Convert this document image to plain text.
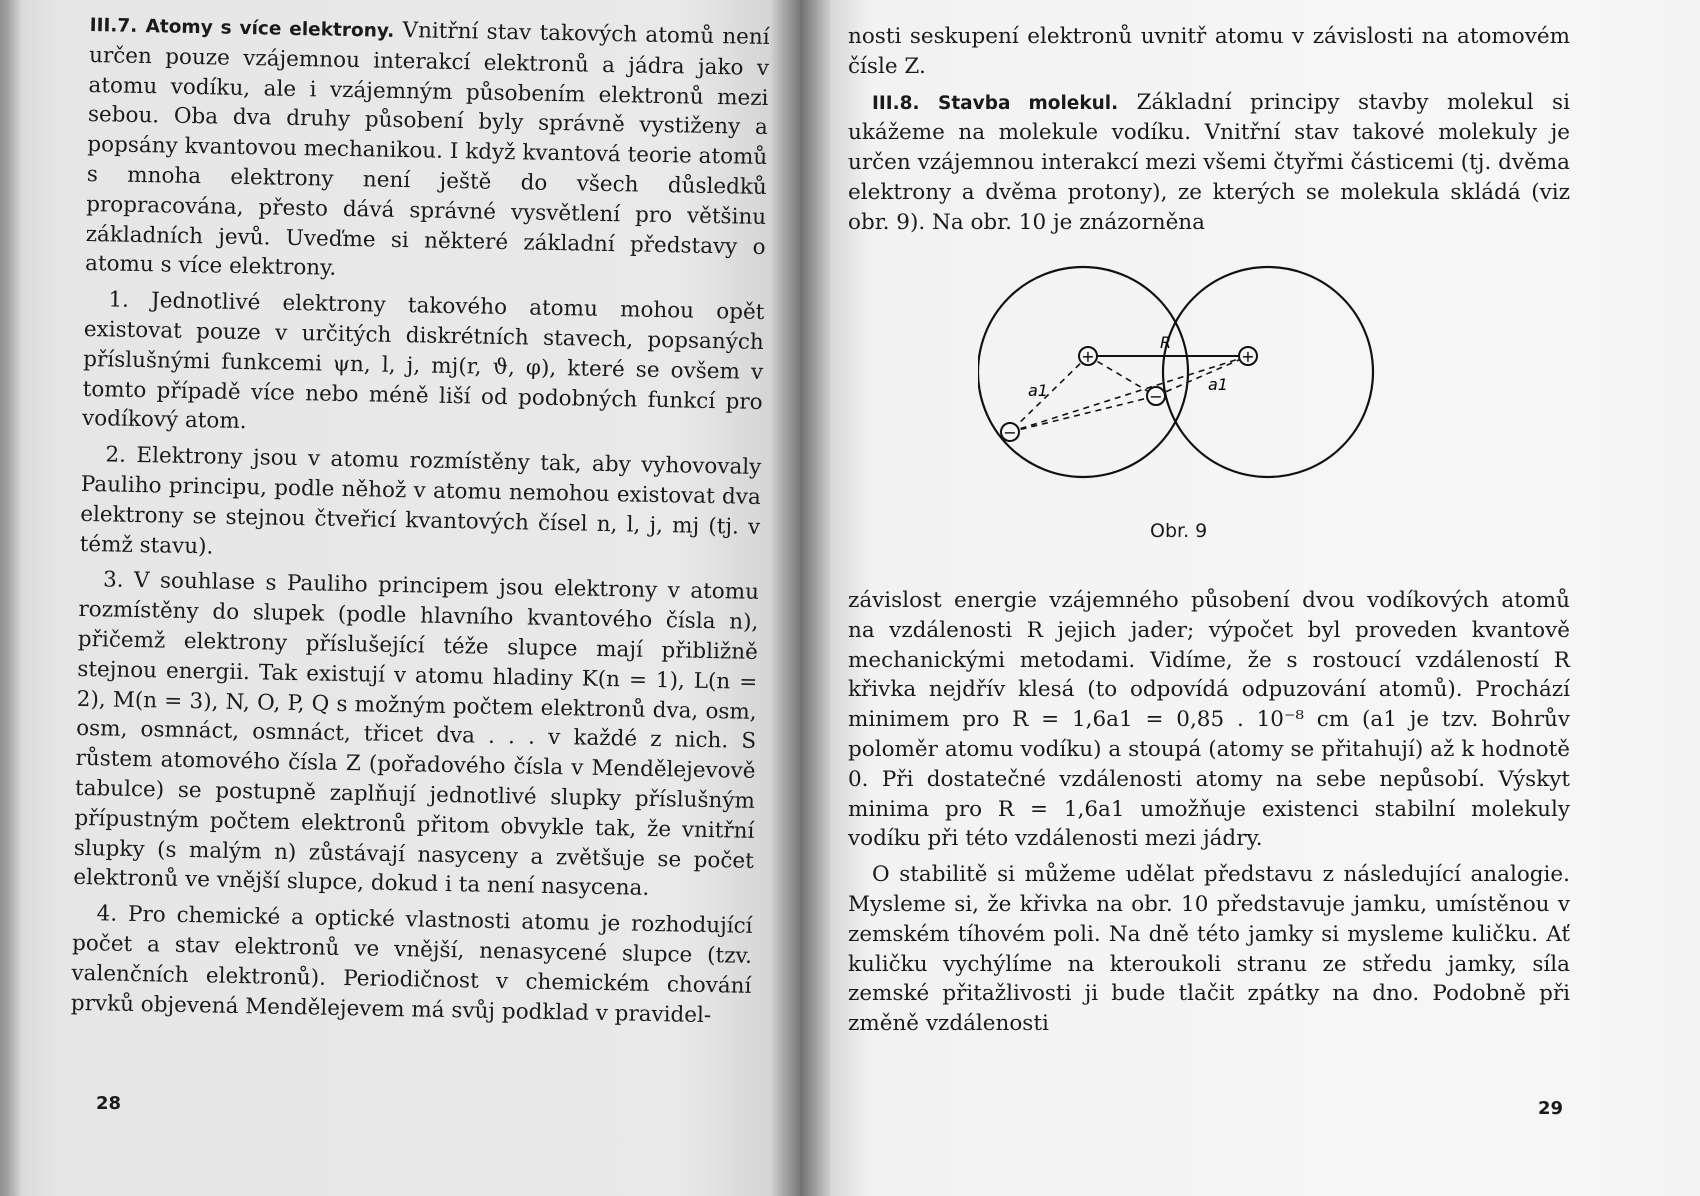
III.7. Atomy s více elektrony. Vnitřní stav takových atomů není určen pouze vzájemnou interakcí elektronů a jádra jako v atomu vodíku, ale i vzájemným působením elektronů mezi sebou. Oba dva druhy působení byly správně vystiženy a popsány kvantovou mechanikou. I když kvantová teorie atomů s mnoha elektrony není ještě do všech důsledků propracována, přesto dává správné vysvětlení pro většinu základních jevů. Uveďme si některé základní představy o atomu s více elektrony.

1. Jednotlivé elektrony takového atomu mohou opět existovat pouze v určitých diskrétních stavech, popsaných příslušnými funkcemi ψn, l, j, mj(r, ϑ, φ), které se ovšem v tomto případě více nebo méně liší od podobných funkcí pro vodíkový atom.

2. Elektrony jsou v atomu rozmístěny tak, aby vyhovovaly Pauliho principu, podle něhož v atomu nemohou existovat dva elektrony se stejnou čtveřicí kvantových čísel n, l, j, mj (tj. v témž stavu).

3. V souhlase s Pauliho principem jsou elektrony v atomu rozmístěny do slupek (podle hlavního kvantového čísla n), přičemž elektrony příslušející téže slupce mají přibližně stejnou energii. Tak existují v atomu hladiny K(n = 1), L(n = 2), M(n = 3), N, O, P, Q s možným počtem elektronů dva, osm, osm, osmnáct, osmnáct, třicet dva . . . v každé z nich. S růstem atomového čísla Z (pořadového čísla v Mendělejevově tabulce) se postupně zaplňují jednotlivé slupky příslušným přípustným počtem elektronů přitom obvykle tak, že vnitřní slupky (s malým n) zůstávají nasyceny a zvětšuje se počet elektronů ve vnější slupce, dokud i ta není nasycena.

4. Pro chemické a optické vlastnosti atomu je rozhodující počet a stav elektronů ve vnější, nenasycené slupce (tzv. valenčních elektronů). Periodičnost v chemickém chování prvků objevená Mendělejevem má svůj podklad v pravidel-

28

nosti seskupení elektronů uvnitř atomu v závislosti na atomovém čísle Z.

III.8. Stavba molekul. Základní principy stavby molekul si ukážeme na molekule vodíku. Vnitřní stav takové molekuly je určen vzájemnou interakcí mezi všemi čtyřmi částicemi (tj. dvěma elektrony a dvěma protony), ze kterých se molekula skládá (viz obr. 9). Na obr. 10 je znázorněna

+	+
−
−
R
a1	a1
Obr. 9

závislost energie vzájemného působení dvou vodíkových atomů na vzdálenosti R jejich jader; výpočet byl proveden kvantově mechanickými metodami. Vidíme, že s rostoucí vzdáleností R křivka nejdřív klesá (to odpovídá odpuzování atomů). Prochází minimem pro R = 1,6a1 = 0,85 . 10⁻⁸ cm (a1 je tzv. Bohrův poloměr atomu vodíku) a stoupá (atomy se přitahují) až k hodnotě 0. Při dostatečné vzdálenosti atomy na sebe nepůsobí. Výskyt minima pro R = 1,6a1 umožňuje existenci stabilní molekuly vodíku při této vzdálenosti mezi jádry.

O stabilitě si můžeme udělat představu z následující analogie. Mysleme si, že křivka na obr. 10 představuje jamku, umístěnou v zemském tíhovém poli. Na dně této jamky si mysleme kuličku. Ať kuličku vychýlíme na kteroukoli stranu ze středu jamky, síla zemské přitažlivosti ji bude tlačit zpátky na dno. Podobně při změně vzdálenosti

29
